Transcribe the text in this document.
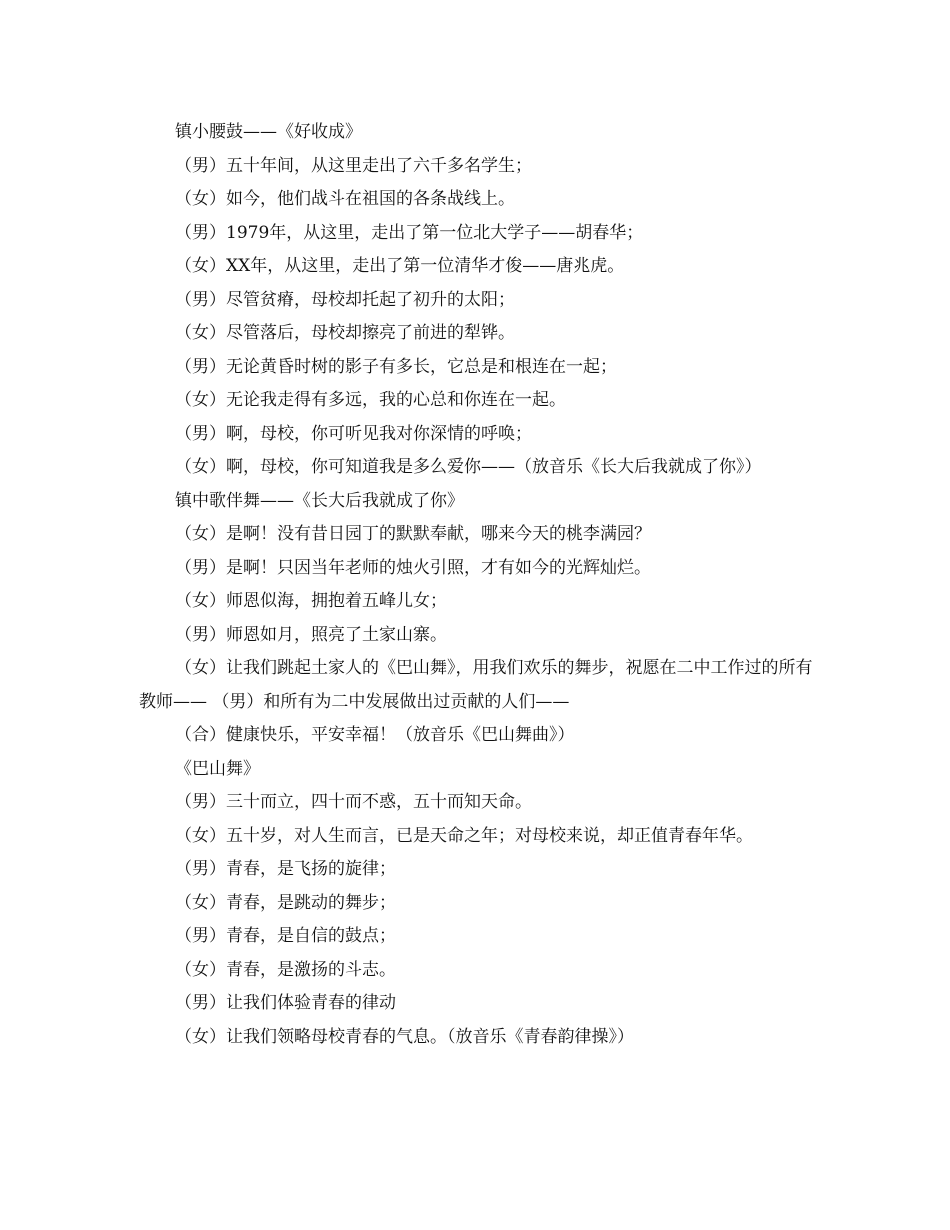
镇小腰鼓——《好收成》

（男）五十年间，从这里走出了六千多名学生；

（女）如今，他们战斗在祖国的各条战线上。

（男）1979年，从这里，走出了第一位北大学子——胡春华；

（女）XX年，从这里，走出了第一位清华才俊——唐兆虎。

（男）尽管贫瘠，母校却托起了初升的太阳；

（女）尽管落后，母校却擦亮了前进的犁铧。

（男）无论黄昏时树的影子有多长，它总是和根连在一起；

（女）无论我走得有多远，我的心总和你连在一起。

（男）啊，母校，你可听见我对你深情的呼唤；

（女）啊，母校，你可知道我是多么爱你——（放音乐《长大后我就成了你》）

镇中歌伴舞——《长大后我就成了你》

（女）是啊！没有昔日园丁的默默奉献，哪来今天的桃李满园？

（男）是啊！只因当年老师的烛火引照，才有如今的光辉灿烂。

（女）师恩似海，拥抱着五峰儿女；

（男）师恩如月，照亮了土家山寨。

（女）让我们跳起土家人的《巴山舞》，用我们欢乐的舞步，祝愿在二中工作过的所有教师—— （男）和所有为二中发展做出过贡献的人们——

（合）健康快乐，平安幸福！（放音乐《巴山舞曲》）

《巴山舞》

（男）三十而立，四十而不惑，五十而知天命。

（女）五十岁，对人生而言，已是天命之年；对母校来说，却正值青春年华。

（男）青春，是飞扬的旋律；

（女）青春，是跳动的舞步；

（男）青春，是自信的鼓点；

（女）青春，是激扬的斗志。

（男）让我们体验青春的律动

（女）让我们领略母校青春的气息。（放音乐《青春韵律操》）
